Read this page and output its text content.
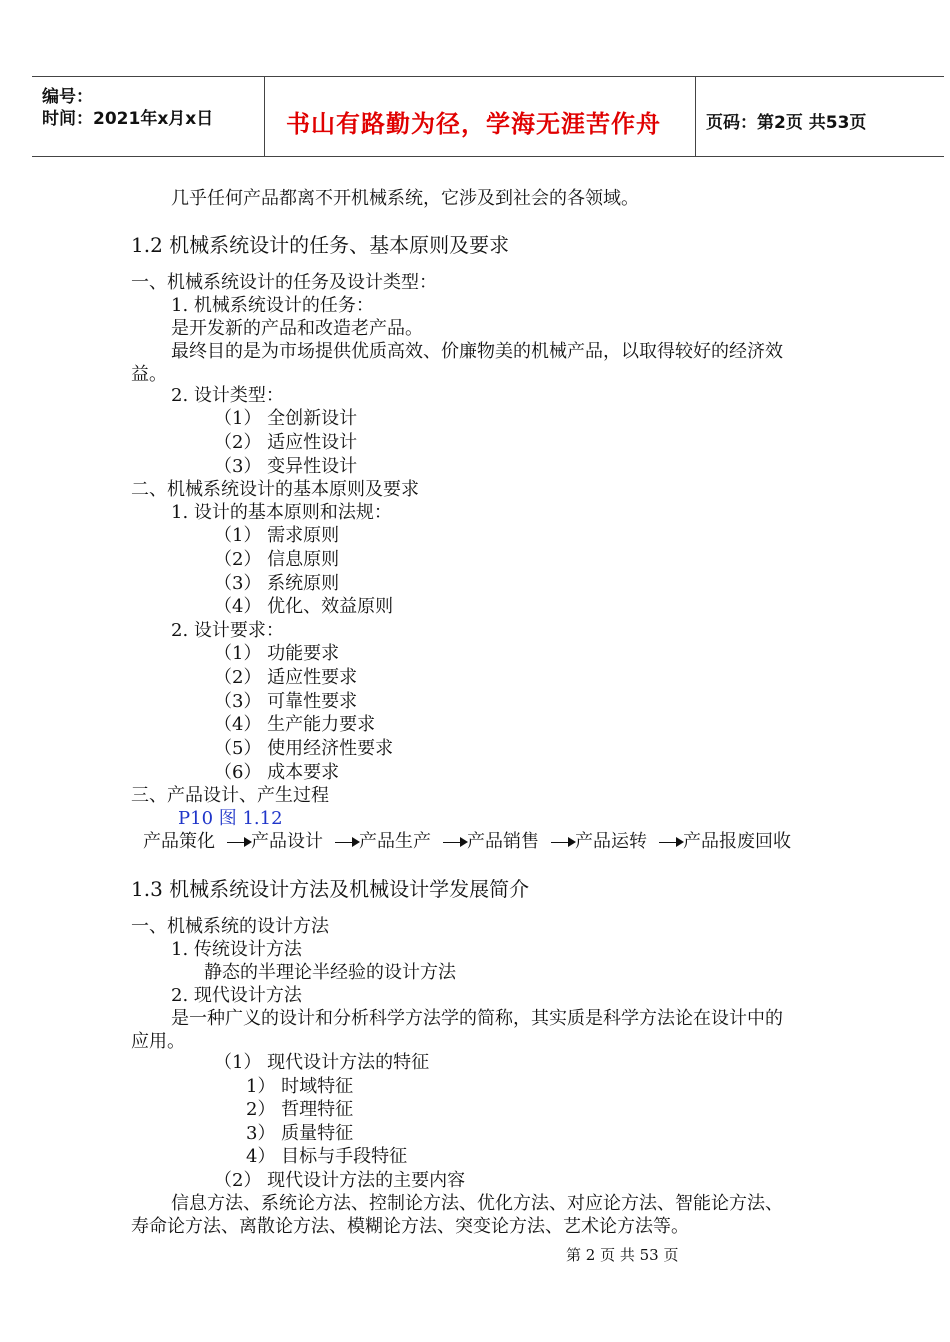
编号：
时间：2021年x月x日	书山有路勤为径，学海无涯苦作舟	页码：第2页 共53页
几乎任何产品都离不开机械系统，它涉及到社会的各领域。
1.2 机械系统设计的任务、基本原则及要求
一、机械系统设计的任务及设计类型：
1. 机械系统设计的任务：
是开发新的产品和改造老产品。
最终目的是为市场提供优质高效、价廉物美的机械产品，以取得较好的经济效
益。
2. 设计类型：
（1） 全创新设计
（2） 适应性设计
（3） 变异性设计
二、机械系统设计的基本原则及要求
1. 设计的基本原则和法规：
（1） 需求原则
（2） 信息原则
（3） 系统原则
（4） 优化、效益原则
2. 设计要求：
（1） 功能要求
（2） 适应性要求
（3） 可靠性要求
（4） 生产能力要求
（5） 使用经济性要求
（6） 成本要求
三、产品设计、产生过程
P10 图 1.12
产品策化 产品设计 产品生产 产品销售 产品运转 产品报废回收
1.3 机械系统设计方法及机械设计学发展简介
一、机械系统的设计方法
1. 传统设计方法
静态的半理论半经验的设计方法
2. 现代设计方法
是一种广义的设计和分析科学方法学的简称，其实质是科学方法论在设计中的
应用。
（1） 现代设计方法的特征
1） 时域特征
2） 哲理特征
3） 质量特征
4） 目标与手段特征
（2） 现代设计方法的主要内容
信息方法、系统论方法、控制论方法、优化方法、对应论方法、智能论方法、
寿命论方法、离散论方法、模糊论方法、突变论方法、艺术论方法等。
第 2 页 共 53 页
